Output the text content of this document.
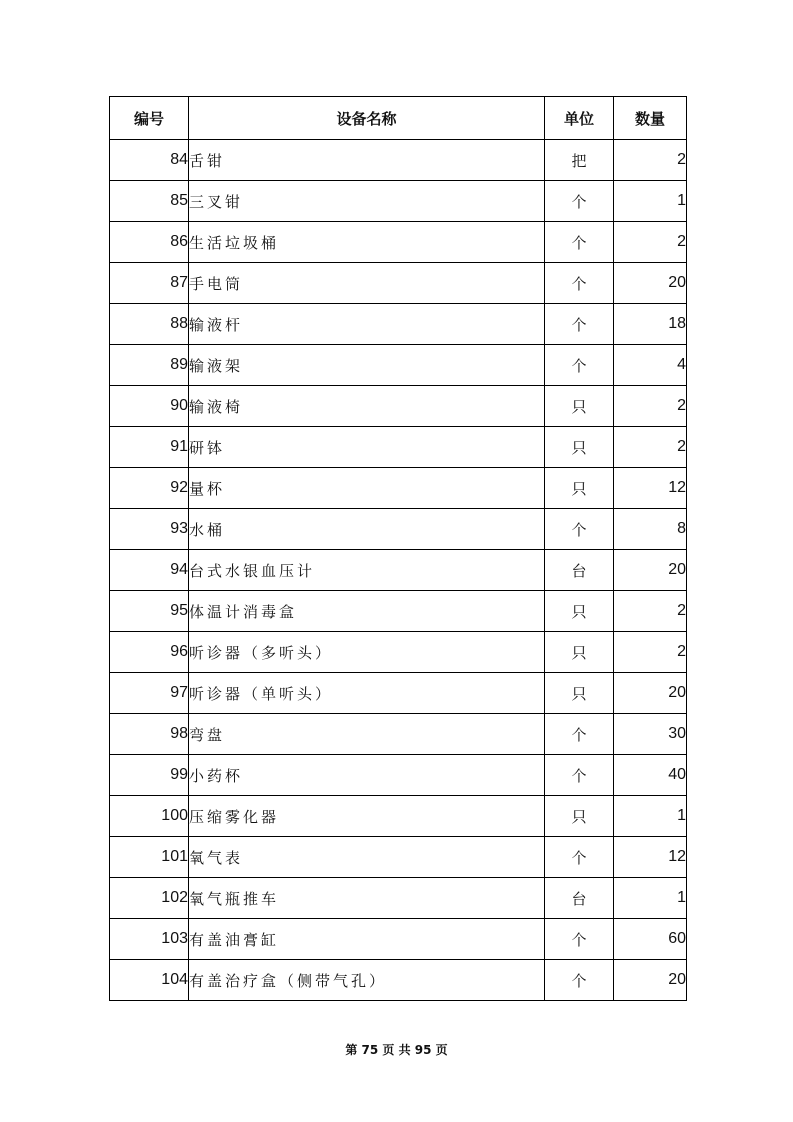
编号	设备名称	单位	数量
84	舌钳	把	2
85	三叉钳	个	1
86	生活垃圾桶	个	2
87	手电筒	个	20
88	输液杆	个	18
89	输液架	个	4
90	输液椅	只	2
91	研钵	只	2
92	量杯	只	12
93	水桶	个	8
94	台式水银血压计	台	20
95	体温计消毒盒	只	2
96	听诊器（多听头）	只	2
97	听诊器（单听头）	只	20
98	弯盘	个	30
99	小药杯	个	40
100	压缩雾化器	只	1
101	氧气表	个	12
102	氧气瓶推车	台	1
103	有盖油膏缸	个	60
104	有盖治疗盒（侧带气孔）	个	20
第 75 页 共 95 页
